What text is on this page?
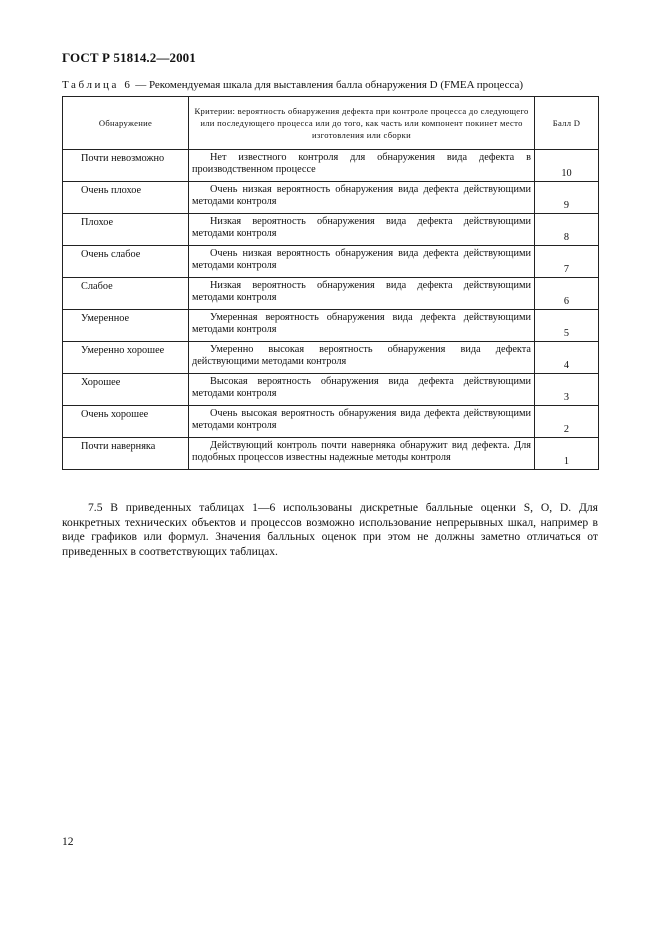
ГОСТ Р 51814.2—2001
Таблица 6 — Рекомендуемая шкала для выставления балла обнаружения D (FMEA процесса)
Обнаружение	Критерии: вероятность обнаружения дефекта при контроле процесса до следующего или последующего процесса или до того, как часть или компонент покинет место изготовления или сборки	Балл D
Почти невозможно	Нет известного контроля для обнаружения вида дефекта в производственном процессе	10
Очень плохое	Очень низкая вероятность обнаружения вида дефекта действующими методами контроля	9
Плохое	Низкая вероятность обнаружения вида дефекта действующими методами контроля	8
Очень слабое	Очень низкая вероятность обнаружения вида дефекта действующими методами контроля	7
Слабое	Низкая вероятность обнаружения вида дефекта действующими методами контроля	6
Умеренное	Умеренная вероятность обнаружения вида дефекта действующими методами контроля	5
Умеренно хорошее	Умеренно высокая вероятность обнаружения вида дефекта действующими методами контроля	4
Хорошее	Высокая вероятность обнаружения вида дефекта действующими методами контроля	3
Очень хорошее	Очень высокая вероятность обнаружения вида дефекта действующими методами контроля	2
Почти наверняка	Действующий контроль почти наверняка обнаружит вид дефекта. Для подобных процессов известны надежные методы контроля	1
7.5 В приведенных таблицах 1—6 использованы дискретные балльные оценки S, O, D. Для конкретных технических объектов и процессов возможно использование непрерывных шкал, например в виде графиков или формул. Значения балльных оценок при этом не должны заметно отличаться от приведенных в соответствующих таблицах.
12
